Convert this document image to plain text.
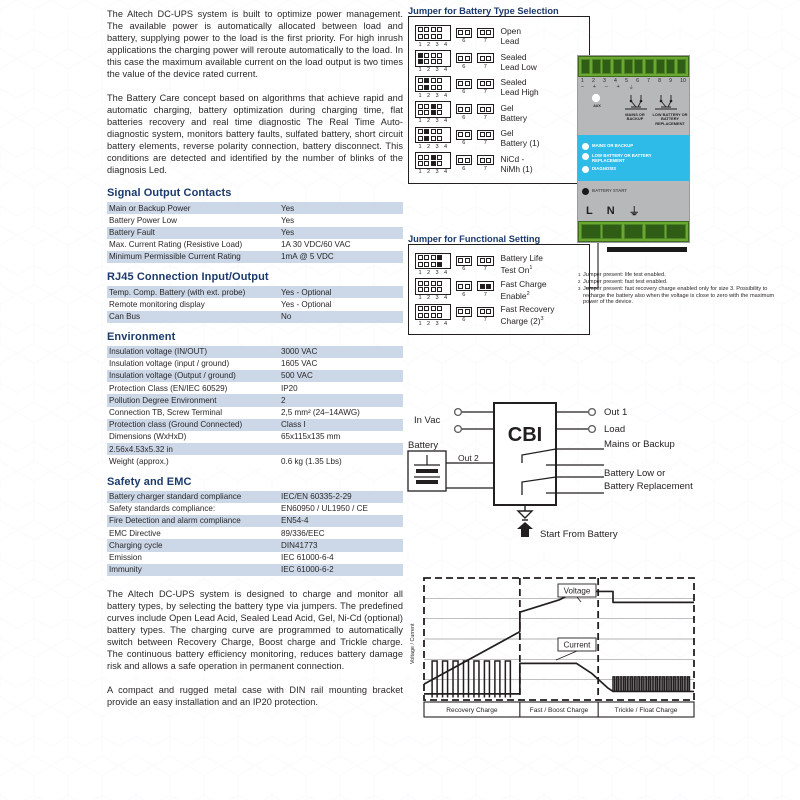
The Altech DC-UPS system is built to optimize power management. The available power is automatically allocated between load and battery, supplying power to the load is the first priority. For high inrush applications the charging power will reroute automatically to the load. In this case the maximum available current on the load output is two times the value of the device rated current.

The Battery Care concept based on algorithms that achieve rapid and automatic charging, battery optimization during charging time, flat batteries recovery and real time diagnostic The Real Time Auto-diagnostic system, monitors battery faults, sulfated battery, short circuit battery elements, reverse polarity connection, battery disconnect. This conditions are detected and identified by the number of blinks of the diagnosis Led.

Signal Output Contacts
Main or Backup Power	Yes
Battery Power Low	Yes
Battery Fault	Yes
Max. Current Rating (Resistive Load)	1A 30 VDC/60 VAC
Minimum Permissible Current Rating	1mA @ 5 VDC
RJ45 Connection Input/Output
Temp. Comp. Battery (with ext. probe)	Yes - Optional
Remote monitoring display	Yes - Optional
Can Bus	No
Environment
Insulation voltage (IN/OUT)	3000 VAC
Insulation voltage (input / ground)	1605 VAC
Insulation voltage (Output / ground)	500 VAC
Protection Class (EN/IEC 60529)	IP20
Pollution Degree Environment	2
Connection TB, Screw Terminal	2,5 mm² (24–14AWG)
Protection class (Ground Connected)	Class I
Dimensions (WxHxD)	65x115x135 mm
2.56x4.53x5.32 in	
Weight (approx.)	0.6 kg (1.35 Lbs)
Safety and EMC
Battery charger standard compliance	IEC/EN 60335-2-29
Safety standards compliance:	EN60950 / UL1950 / CE
Fire Detection and alarm compliance	EN54-4
EMC Directive	89/336/EEC
Charging cycle	DIN41773
Emission	IEC 61000-6-4
Immunity	IEC 61000-6-2

The Altech DC-UPS system is designed to charge and monitor all battery types, by selecting the battery type via jumpers. The predefined curves include Open Lead Acid, Sealed Lead Acid, Gel, Ni-Cd (optional) battery types. The charging curve are programmed to automatically switch between Recovery Charge, Boost charge and Trickle charge. The continuous battery efficiency monitoring, reduces battery damage risk and allows a safe operation in permanent connection.

A compact and rugged metal case with DIN rail mounting bracket provide an easy installation and an IP20 protection.

Jumper for Battery Type Selection
1 2 3 4
6	7
Open
Lead
1 2 3 4
6	7
Sealed
Lead Low
1 2 3 4
6	7
Sealed
Lead High
1 2 3 4
6	7
Gel
Battery
1 2 3 4
6	7
Gel
Battery (1)
1 2 3 4
6	7
NiCd -
NiMh (1)
Jumper for Functional Setting
1 2 3 4
6	7
Battery Life
Test On$^1$
1 2 3 4
6	7
Fast Charge
Enable$^2$
1 2 3 4
6	7
Fast Recovery
Charge $(2)^3$
1 2 3 4 5 6 7 8 9 10
– + – + ⏚

AUX
MAINS OR BACKUP
LOW BATTERY OR BATTERY REPLACEMENT
MAINS OR BACKUP
LOW BATTERY OR BATTERY REPLACEMENT
DIAGNOSIS
BATTERY START
L N ⏚
1 Jumper present: life test enabled.
2 Jumper present: fast test enabled.
3 Jumper present: fast recovery charge enabled only for size 3. Possibility to recharge the battery also when the voltage is close to zero with the maximum power of the device.
CBI
In Vac
Battery
Out 2
Out 1
Load
Mains or Backup
Battery Low or
Battery Replacement
Start From Battery
Voltage
Current
Recovery Charge	Fast / Boost Charge	Trickle / Float Charge
Voltage / Current
